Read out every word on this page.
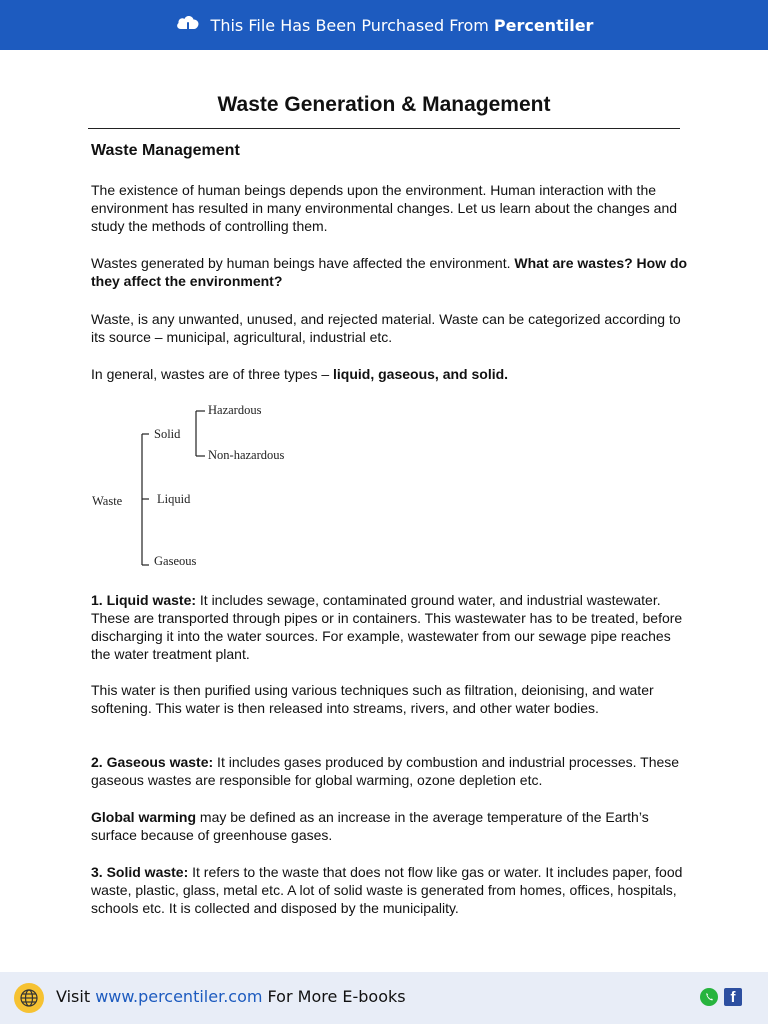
This File Has Been Purchased From Percentiler
Waste Generation & Management
Waste Management
The existence of human beings depends upon the environment. Human interaction with the environment has resulted in many environmental changes. Let us learn about the changes and study the methods of controlling them.
Wastes generated by human beings have affected the environment. What are wastes? How do they affect the environment?
Waste, is any unwanted, unused, and rejected material. Waste can be categorized according to its source – municipal, agricultural, industrial etc.
In general, wastes are of three types – liquid, gaseous, and solid.
Waste
Solid
Liquid
Gaseous
Hazardous
Non-hazardous
1. Liquid waste: It includes sewage, contaminated ground water, and industrial wastewater. These are transported through pipes or in containers. This wastewater has to be treated, before discharging it into the water sources. For example, wastewater from our sewage pipe reaches the water treatment plant.
This water is then purified using various techniques such as filtration, deionising, and water softening. This water is then released into streams, rivers, and other water bodies.
2. Gaseous waste: It includes gases produced by combustion and industrial processes. These gaseous wastes are responsible for global warming, ozone depletion etc.
Global warming may be defined as an increase in the average temperature of the Earth’s surface because of greenhouse gases.
3. Solid waste: It refers to the waste that does not flow like gas or water. It includes paper, food waste, plastic, glass, metal etc. A lot of solid waste is generated from homes, offices, hospitals, schools etc. It is collected and disposed by the municipality.
Visit www.percentiler.com For More E-books	f
